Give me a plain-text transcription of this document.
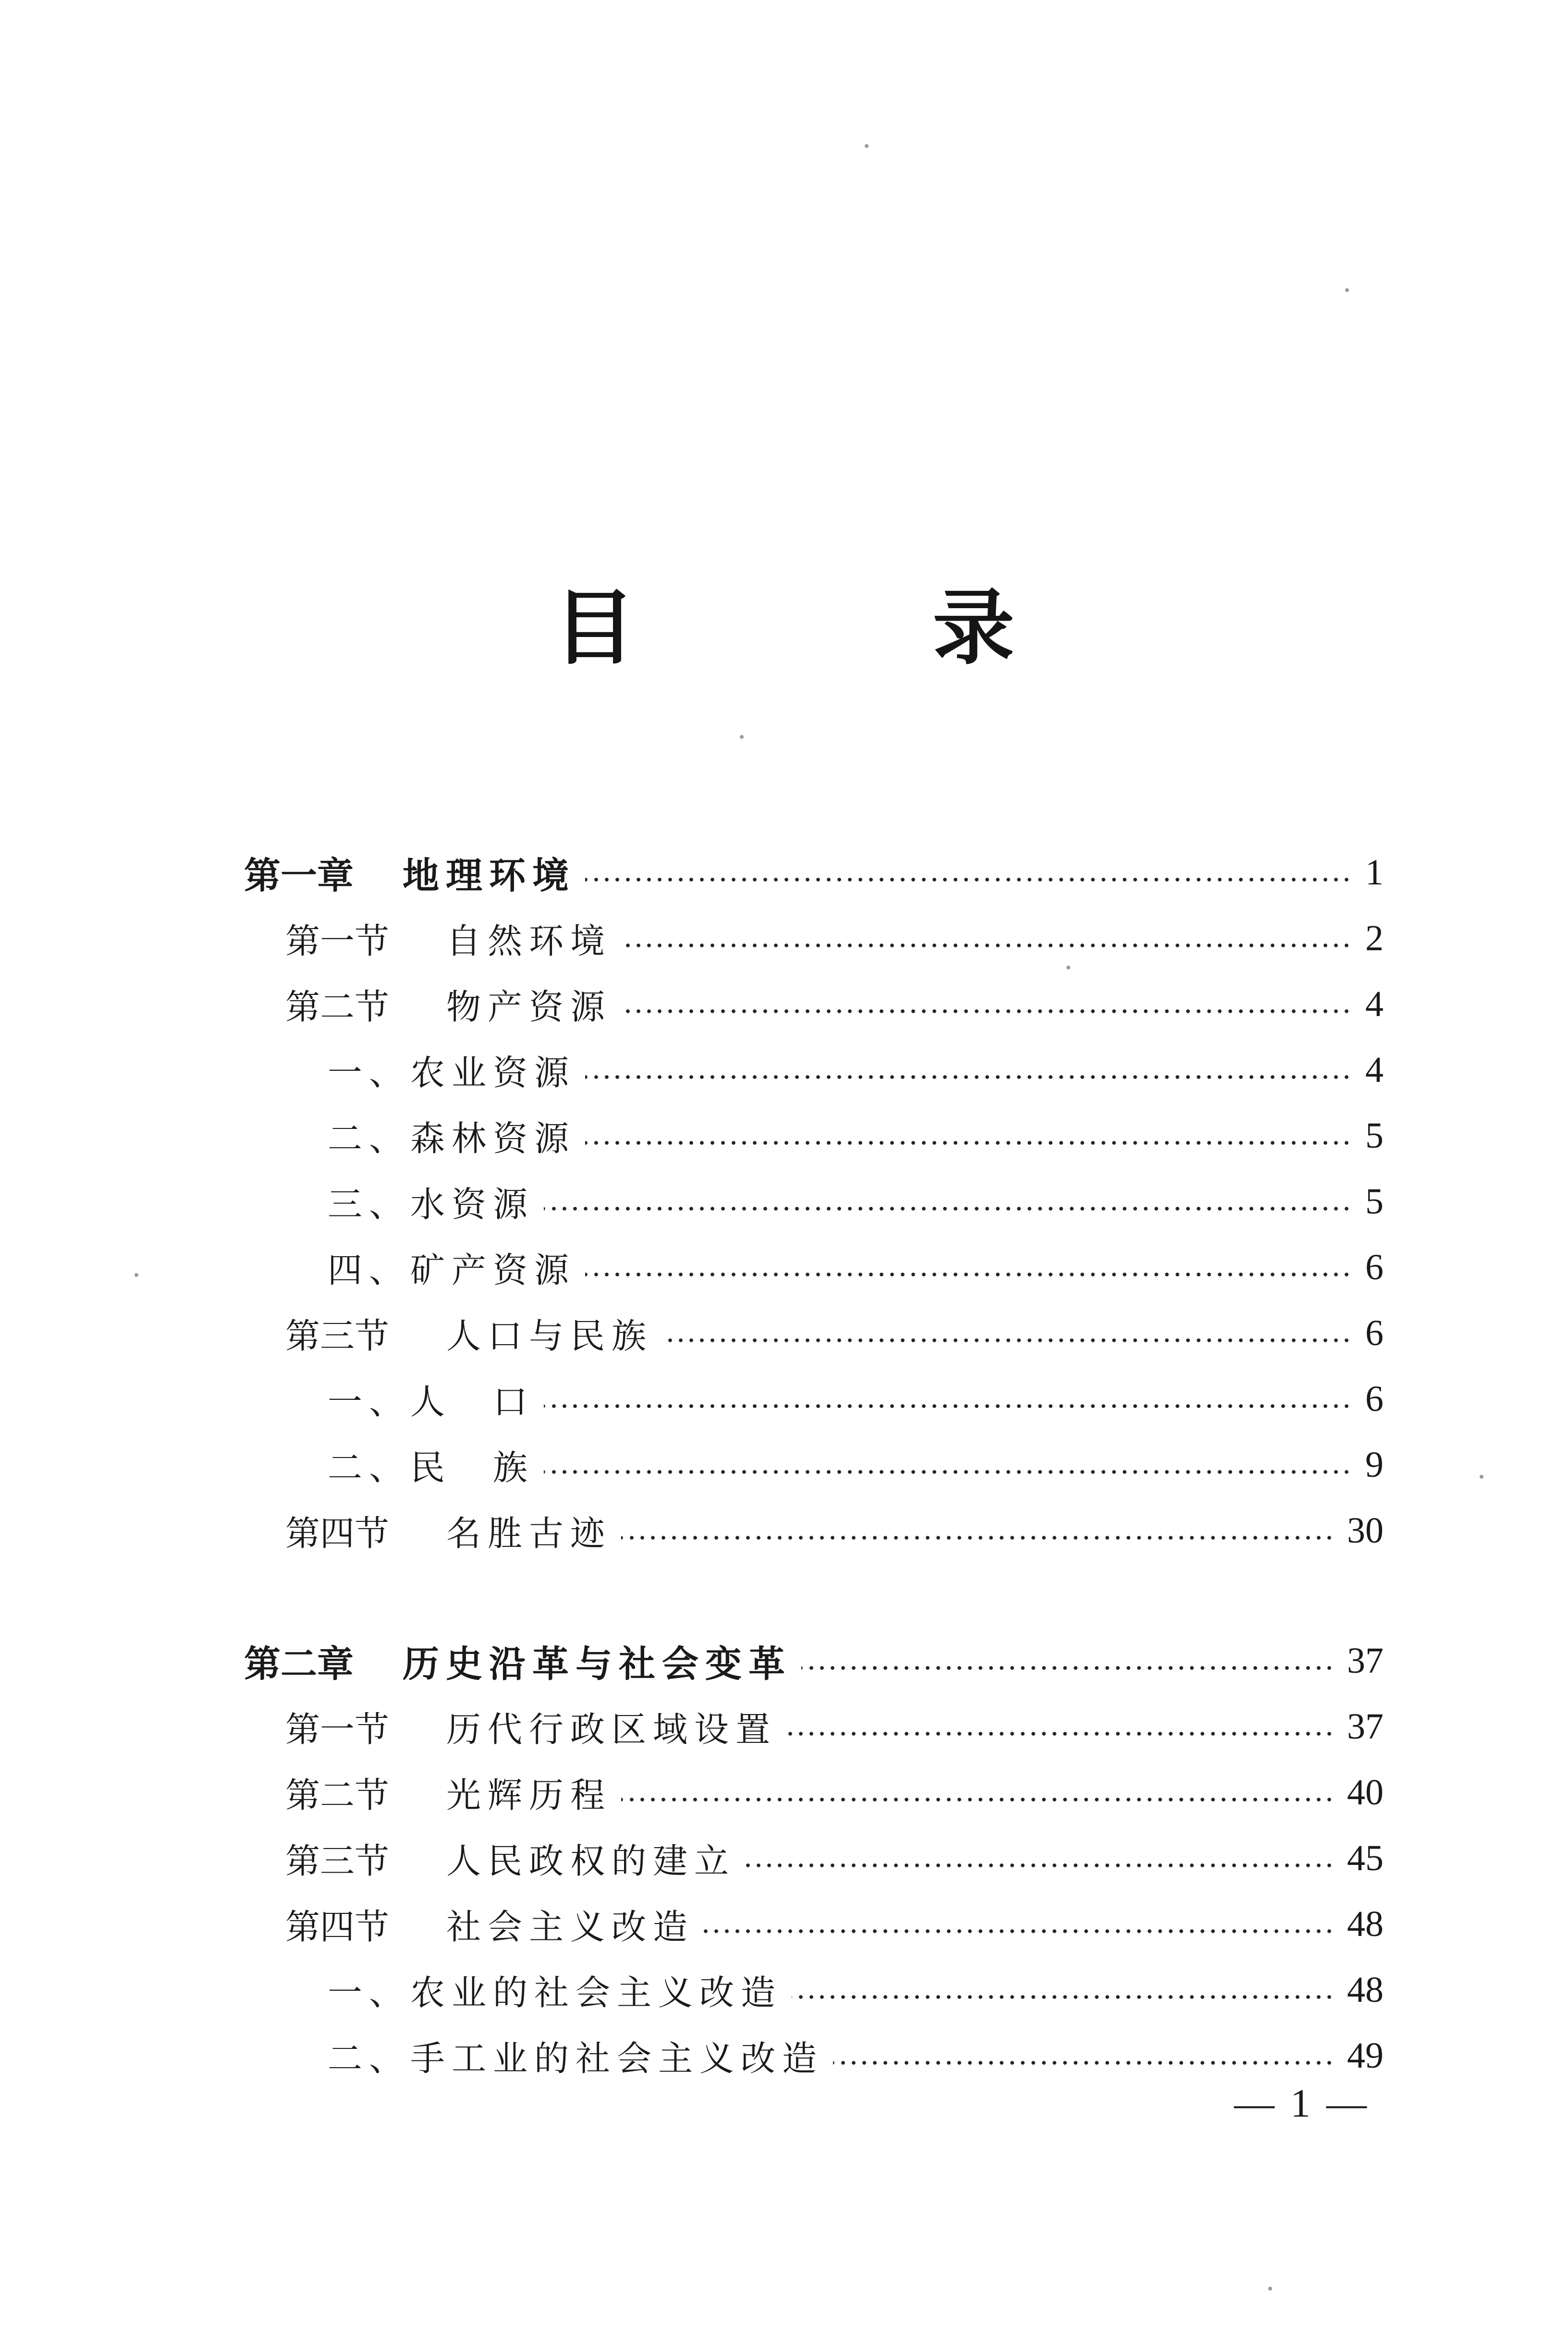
目 录
第一章	地理环境	1
第一节	自然环境	2
第二节	物产资源	4
一、农业资源	4
二、森林资源	5
三、水资源	5
四、矿产资源	6
第三节	人口与民族	6
一、人　口	6
二、民　族	9
第四节	名胜古迹	30
第二章	历史沿革与社会变革	37
第一节	历代行政区域设置	37
第二节	光辉历程	40
第三节	人民政权的建立	45
第四节	社会主义改造	48
一、农业的社会主义改造	48
二、手工业的社会主义改造	49
— 1 —
